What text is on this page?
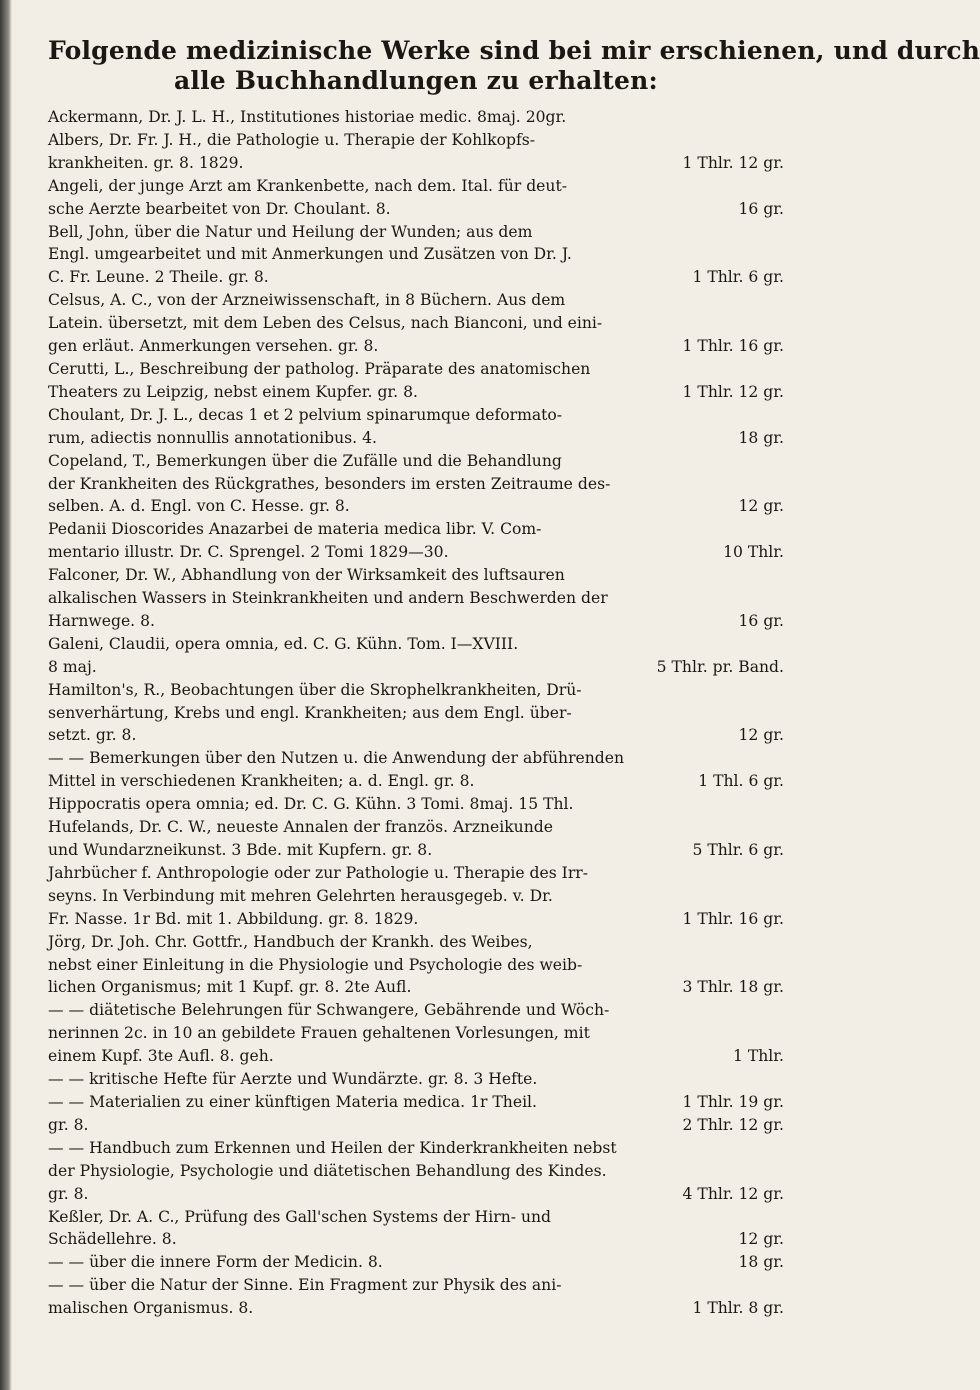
Folgende medizinische Werke sind bei mir erschienen, und durch
alle Buchhandlungen zu erhalten:
Ackermann, Dr. J. L. H., Institutiones historiae medic. 8maj. 20gr.
Albers, Dr. Fr. J. H., die Pathologie u. Therapie der Kohlkopfs-
1 Thlr. 12 gr.
krankheiten. gr. 8. 1829.
Angeli, der junge Arzt am Krankenbette, nach dem. Ital. für deut-
16 gr.
sche Aerzte bearbeitet von Dr. Choulant. 8.
Bell, John, über die Natur und Heilung der Wunden; aus dem
Engl. umgearbeitet und mit Anmerkungen und Zusätzen von Dr. J.
1 Thlr. 6 gr.
C. Fr. Leune. 2 Theile. gr. 8.
Celsus, A. C., von der Arzneiwissenschaft, in 8 Büchern. Aus dem
Latein. übersetzt, mit dem Leben des Celsus, nach Bianconi, und eini-
1 Thlr. 16 gr.
gen erläut. Anmerkungen versehen. gr. 8.
Cerutti, L., Beschreibung der patholog. Präparate des anatomischen
1 Thlr. 12 gr.
Theaters zu Leipzig, nebst einem Kupfer. gr. 8.
Choulant, Dr. J. L., decas 1 et 2 pelvium spinarumque deformato-
18 gr.
rum, adiectis nonnullis annotationibus. 4.
Copeland, T., Bemerkungen über die Zufälle und die Behandlung
der Krankheiten des Rückgrathes, besonders im ersten Zeitraume des-
12 gr.
selben. A. d. Engl. von C. Hesse. gr. 8.
Pedanii Dioscorides Anazarbei de materia medica libr. V. Com-
10 Thlr.
mentario illustr. Dr. C. Sprengel. 2 Tomi 1829—30.
Falconer, Dr. W., Abhandlung von der Wirksamkeit des luftsauren
alkalischen Wassers in Steinkrankheiten und andern Beschwerden der
16 gr.
Harnwege. 8.
Galeni, Claudii, opera omnia, ed. C. G. Kühn. Tom. I—XVIII.
5 Thlr. pr. Band.
8 maj.
Hamilton's, R., Beobachtungen über die Skrophelkrankheiten, Drü-
senverhärtung, Krebs und engl. Krankheiten; aus dem Engl. über-
12 gr.
setzt. gr. 8.
— — Bemerkungen über den Nutzen u. die Anwendung der abführenden
1 Thl. 6 gr.
Mittel in verschiedenen Krankheiten; a. d. Engl. gr. 8.
Hippocratis opera omnia; ed. Dr. C. G. Kühn. 3 Tomi. 8maj. 15 Thl.
Hufelands, Dr. C. W., neueste Annalen der französ. Arzneikunde
5 Thlr. 6 gr.
und Wundarzneikunst. 3 Bde. mit Kupfern. gr. 8.
Jahrbücher f. Anthropologie oder zur Pathologie u. Therapie des Irr-
seyns. In Verbindung mit mehren Gelehrten herausgegeb. v. Dr.
1 Thlr. 16 gr.
Fr. Nasse. 1r Bd. mit 1. Abbildung. gr. 8. 1829.
Jörg, Dr. Joh. Chr. Gottfr., Handbuch der Krankh. des Weibes,
nebst einer Einleitung in die Physiologie und Psychologie des weib-
3 Thlr. 18 gr.
lichen Organismus; mit 1 Kupf. gr. 8. 2te Aufl.
— — diätetische Belehrungen für Schwangere, Gebährende und Wöch-
nerinnen 2c. in 10 an gebildete Frauen gehaltenen Vorlesungen, mit
1 Thlr.
einem Kupf. 3te Aufl. 8. geh.
— — kritische Hefte für Aerzte und Wundärzte. gr. 8. 3 Hefte.
1 Thlr. 19 gr.
— — Materialien zu einer künftigen Materia medica. 1r Theil.
2 Thlr. 12 gr.
gr. 8.
— — Handbuch zum Erkennen und Heilen der Kinderkrankheiten nebst
der Physiologie, Psychologie und diätetischen Behandlung des Kindes.
4 Thlr. 12 gr.
gr. 8.
Keßler, Dr. A. C., Prüfung des Gall'schen Systems der Hirn- und
12 gr.
Schädellehre. 8.
18 gr.
— — über die innere Form der Medicin. 8.
— — über die Natur der Sinne. Ein Fragment zur Physik des ani-
1 Thlr. 8 gr.
malischen Organismus. 8.
